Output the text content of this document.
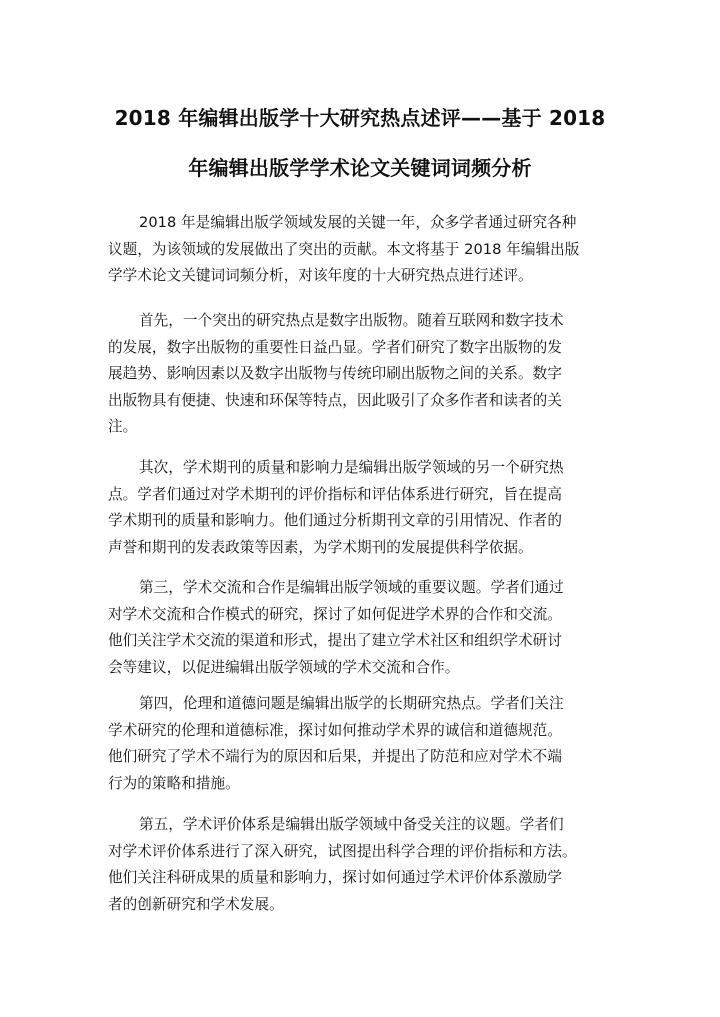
2018 年编辑出版学十大研究热点述评——基于 2018
年编辑出版学学术论文关键词词频分析
2018 年是编辑出版学领域发展的关键一年，众多学者通过研究各种
议题，为该领域的发展做出了突出的贡献。本文将基于 2018 年编辑出版
学学术论文关键词词频分析，对该年度的十大研究热点进行述评。
首先，一个突出的研究热点是数字出版物。随着互联网和数字技术
的发展，数字出版物的重要性日益凸显。学者们研究了数字出版物的发
展趋势、影响因素以及数字出版物与传统印刷出版物之间的关系。数字
出版物具有便捷、快速和环保等特点，因此吸引了众多作者和读者的关
注。
其次，学术期刊的质量和影响力是编辑出版学领域的另一个研究热
点。学者们通过对学术期刊的评价指标和评估体系进行研究，旨在提高
学术期刊的质量和影响力。他们通过分析期刊文章的引用情况、作者的
声誉和期刊的发表政策等因素，为学术期刊的发展提供科学依据。
第三，学术交流和合作是编辑出版学领域的重要议题。学者们通过
对学术交流和合作模式的研究，探讨了如何促进学术界的合作和交流。
他们关注学术交流的渠道和形式，提出了建立学术社区和组织学术研讨
会等建议，以促进编辑出版学领域的学术交流和合作。
第四，伦理和道德问题是编辑出版学的长期研究热点。学者们关注
学术研究的伦理和道德标准，探讨如何推动学术界的诚信和道德规范。
他们研究了学术不端行为的原因和后果，并提出了防范和应对学术不端
行为的策略和措施。
第五，学术评价体系是编辑出版学领域中备受关注的议题。学者们
对学术评价体系进行了深入研究，试图提出科学合理的评价指标和方法。
他们关注科研成果的质量和影响力，探讨如何通过学术评价体系激励学
者的创新研究和学术发展。
